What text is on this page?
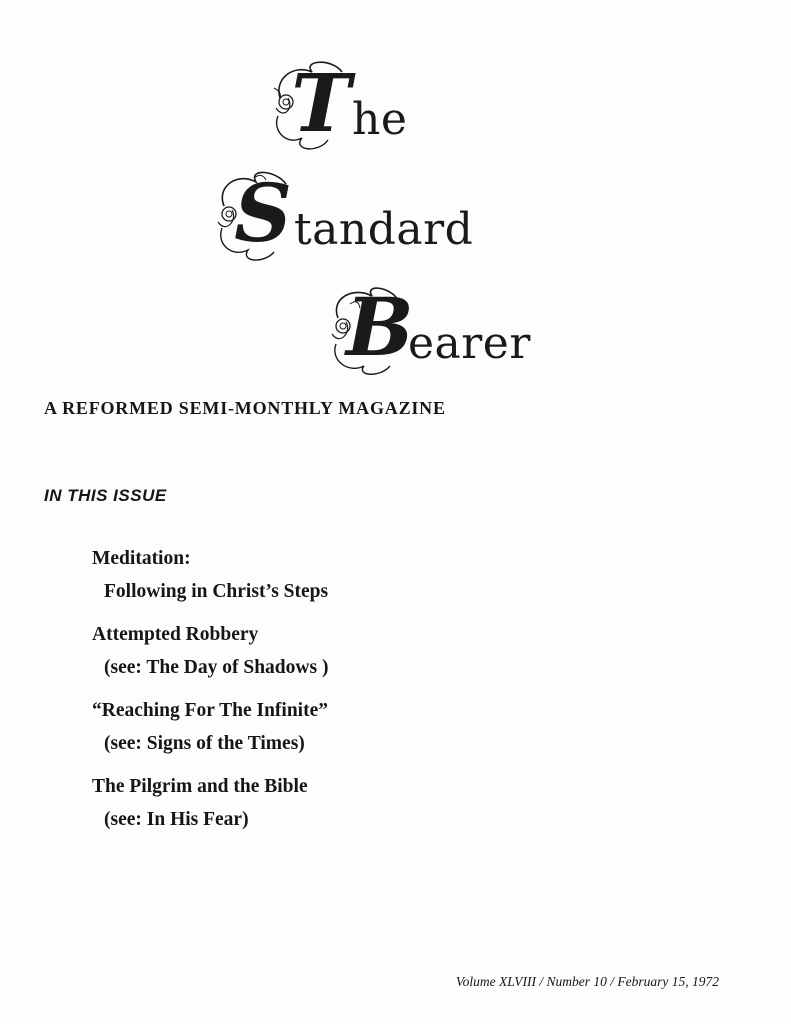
T he
S tandard
B
earer
A REFORMED SEMI-MONTHLY MAGAZINE
IN THIS ISSUE
Meditation:
Following in Christ’s Steps
Attempted Robbery
(see: The Day of Shadows )
“Reaching For The Infinite”
(see: Signs of the Times)
The Pilgrim and the Bible
(see: In His Fear)
Volume XLVIII / Number 10 / February 15, 1972
